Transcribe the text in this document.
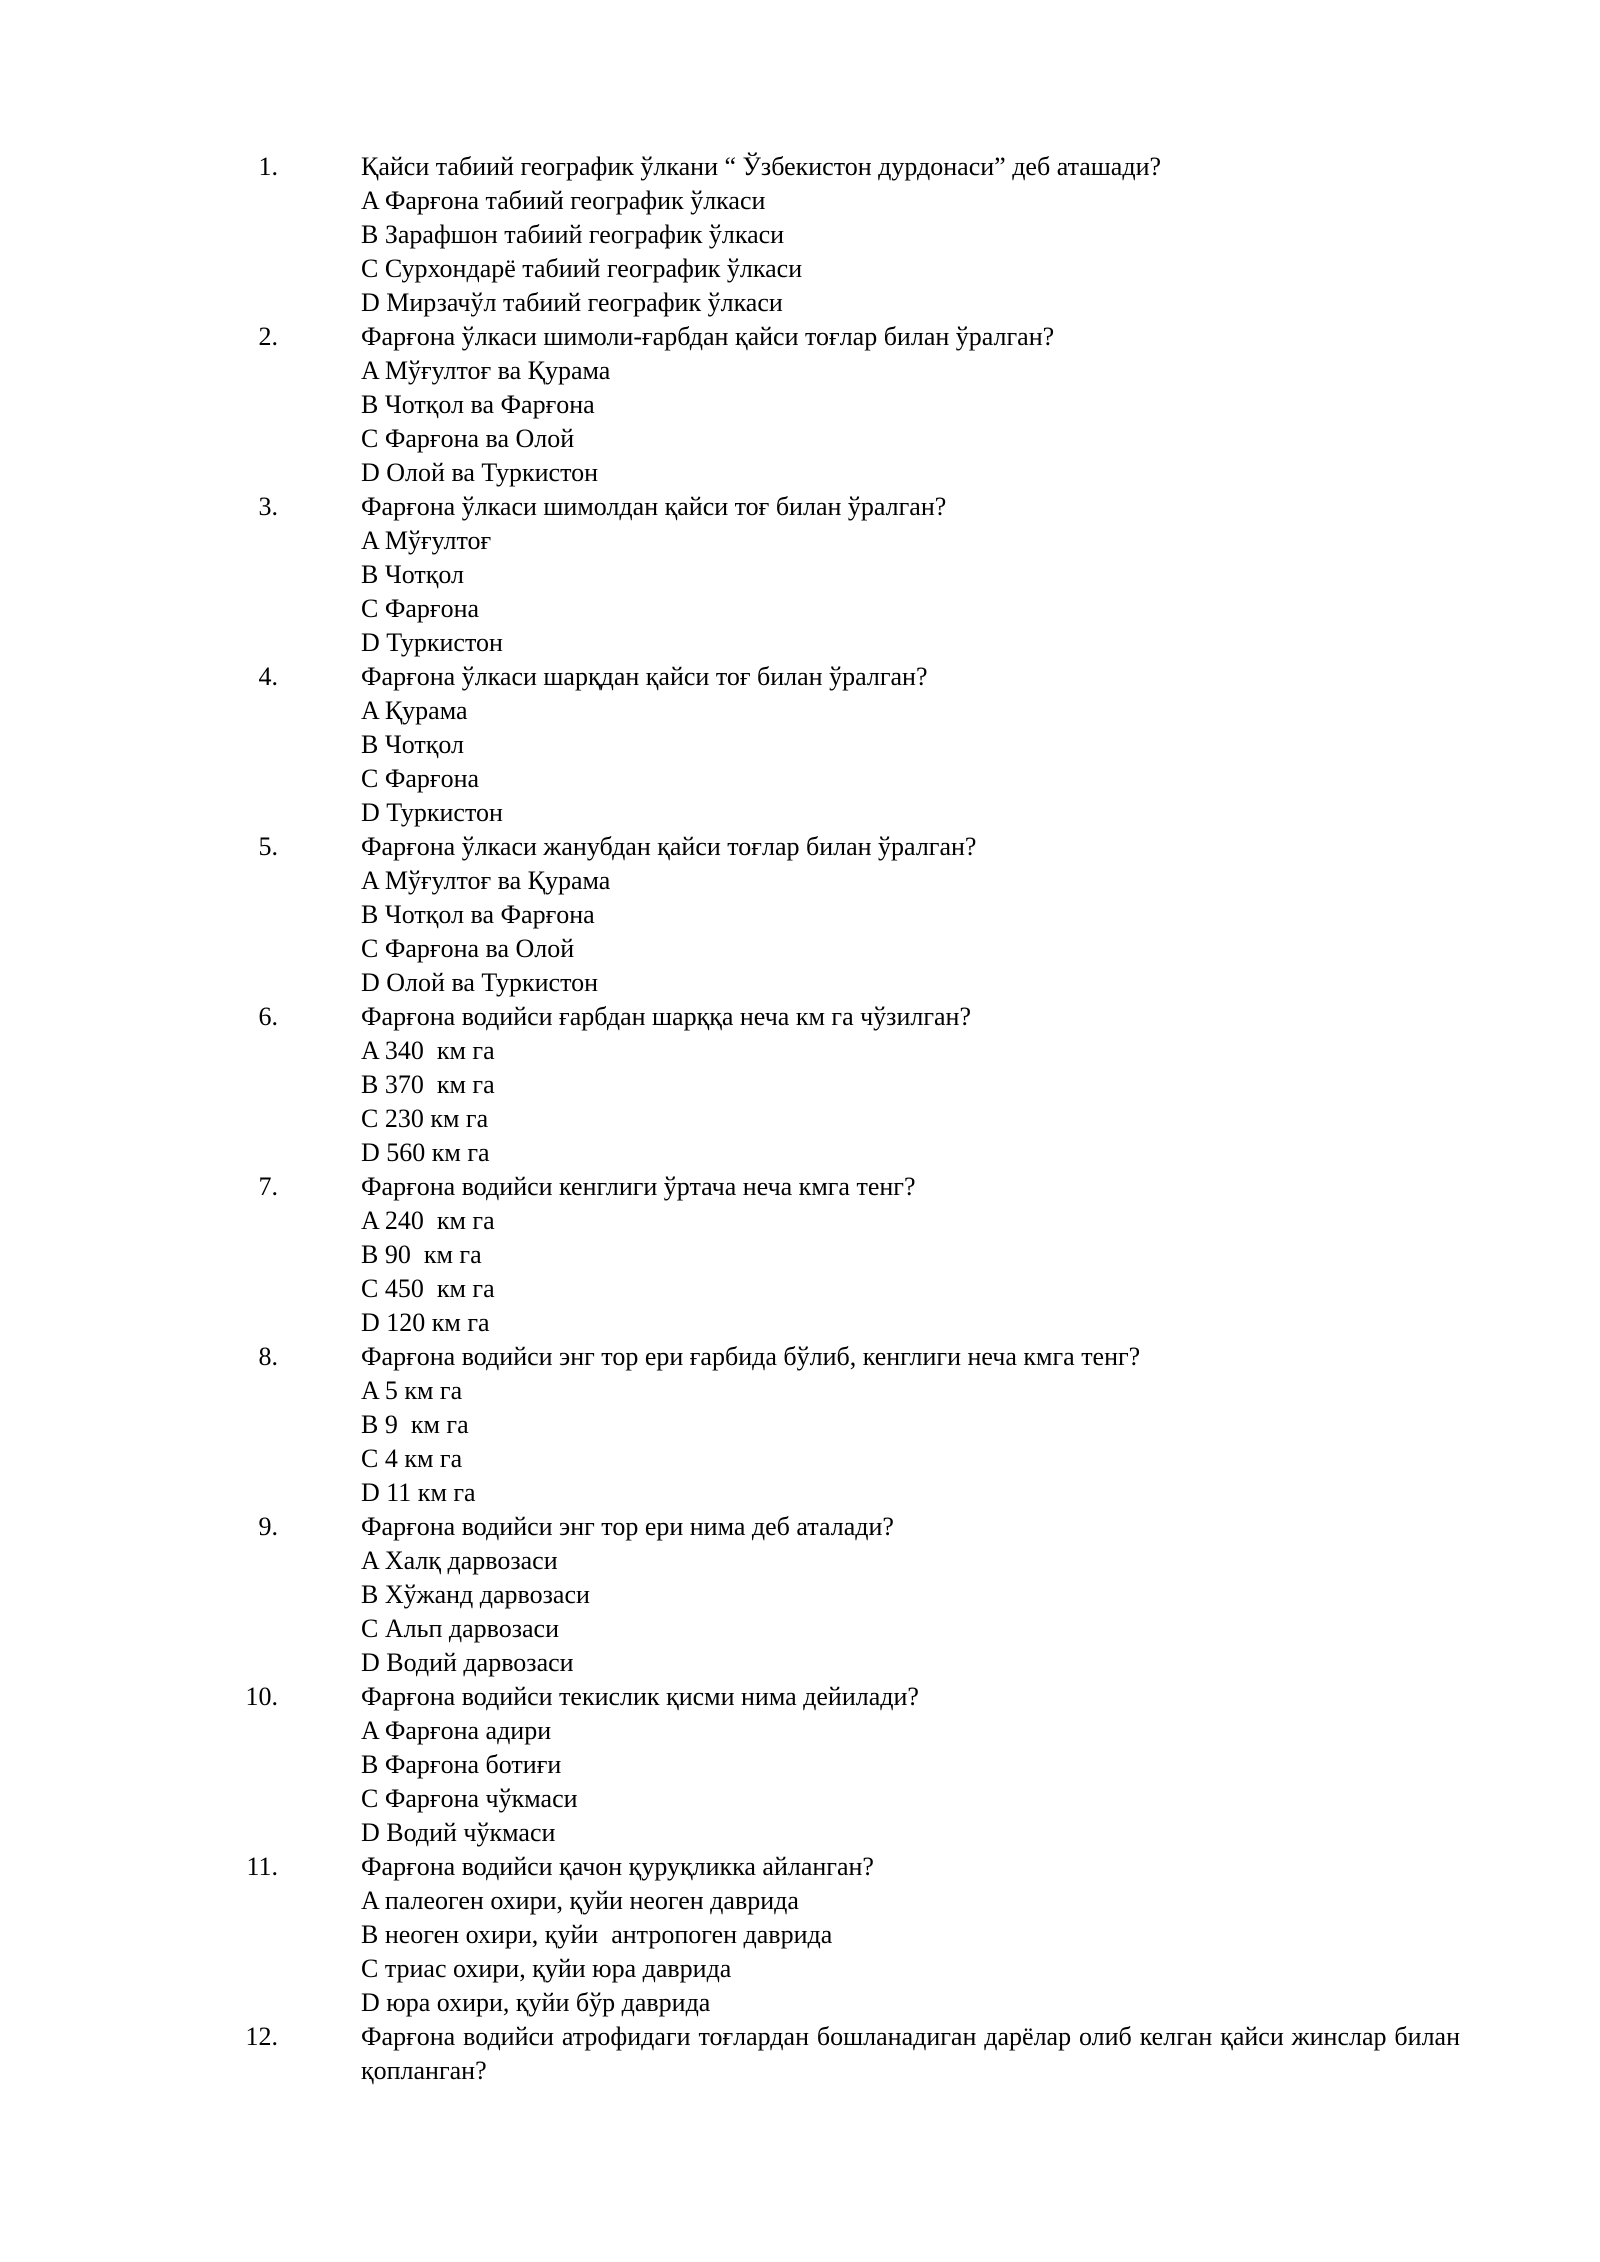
1.	Қайси табиий географик ўлкани “ Ўзбекистон дурдонаси” деб аташади?
A Фарғона табиий географик ўлкаси
B Зарафшон табиий географик ўлкаси
C Сурхондарё табиий географик ўлкаси
D Мирзачўл табиий географик ўлкаси
2.	Фарғона ўлкаси шимоли-ғарбдан қайси тоғлар билан ўралган?
A Мўғултоғ ва Қурама
B Чотқол ва Фарғона
C Фарғона ва Олой
D Олой ва Туркистон
3.	Фарғона ўлкаси шимолдан қайси тоғ билан ўралган?
A Мўғултоғ
B Чотқол
C Фарғона
D Туркистон
4.	Фарғона ўлкаси шарқдан қайси тоғ билан ўралган?
A Қурама
B Чотқол
C Фарғона
D Туркистон
5.	Фарғона ўлкаси жанубдан қайси тоғлар билан ўралган?
A Мўғултоғ ва Қурама
B Чотқол ва Фарғона
C Фарғона ва Олой
D Олой ва Туркистон
6.	Фарғона водийси ғарбдан шарққа неча км га чўзилган?
A 340  км га
B 370  км га
C 230 км га
D 560 км га
7.	Фарғона водийси кенглиги ўртача неча кмга тенг?
A 240  км га
B 90  км га
C 450  км га
D 120 км га
8.	Фарғона водийси энг тор ери ғарбида бўлиб, кенглиги неча кмга тенг?
A 5 км га
B 9  км га
C 4 км га
D 11 км га
9.	Фарғона водийси энг тор ери нима деб аталади?
A Халқ дарвозаси
B Хўжанд дарвозаси
C Альп дарвозаси
D Водий дарвозаси
10.	Фарғона водийси текислик қисми нима дейилади?
A Фарғона адири
B Фарғона ботиғи
C Фарғона чўкмаси
D Водий чўкмаси
11.	Фарғона водийси қачон қуруқликка айланган?
A палеоген охири, қуйи неоген даврида
B неоген охири, қуйи  антропоген даврида
C триас охири, қуйи юра даврида
D юра охири, қуйи бўр даврида
12.	Фарғона водийси атрофидаги тоғлардан бошланадиган дарёлар олиб келган қайси жинслар билан қопланган?
